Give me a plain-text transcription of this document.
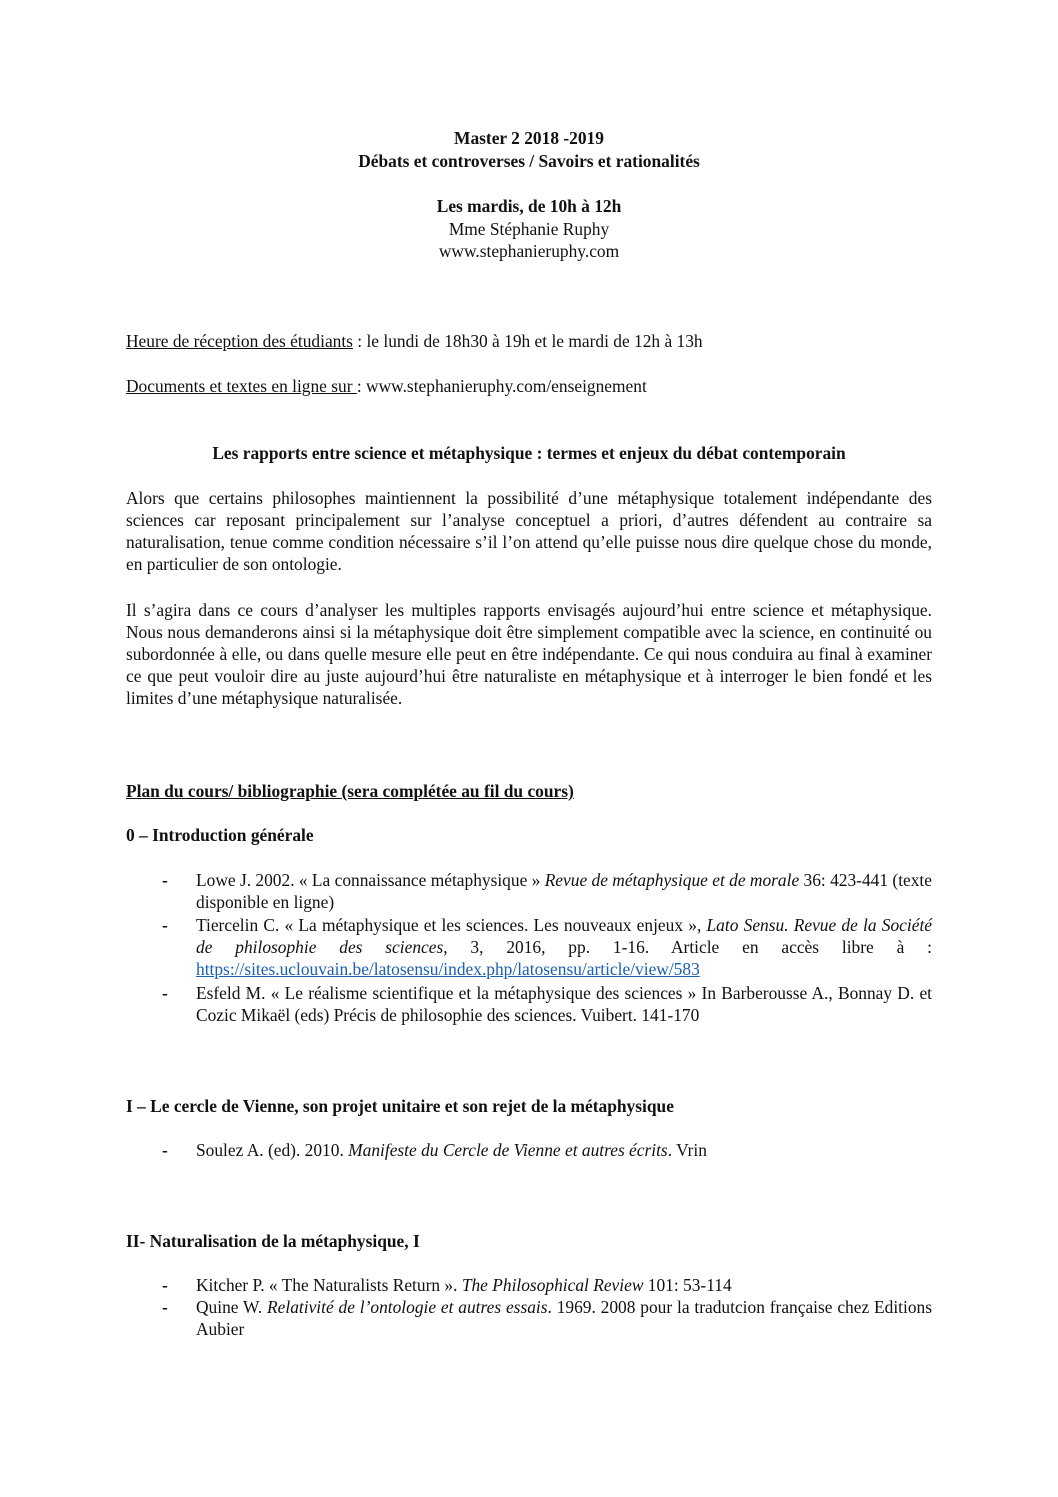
Master 2 2018 -2019
Débats et controverses / Savoirs et rationalités
Les mardis, de 10h à 12h
Mme Stéphanie Ruphy
www.stephanieruphy.com
Heure de réception des étudiants : le lundi de 18h30 à 19h et le mardi de 12h à 13h
Documents et textes en ligne sur : www.stephanieruphy.com/enseignement
Les rapports entre science et métaphysique : termes et enjeux du débat contemporain
Alors que certains philosophes maintiennent la possibilité d’une métaphysique totalement indépendante des sciences car reposant principalement sur l’analyse conceptuel a priori, d’autres défendent au contraire sa naturalisation, tenue comme condition nécessaire s’il l’on attend qu’elle puisse nous dire quelque chose du monde, en particulier de son ontologie.
Il s’agira dans ce cours d’analyser les multiples rapports envisagés aujourd’hui entre science et métaphysique. Nous nous demanderons ainsi si la métaphysique doit être simplement compatible avec la science, en continuité ou subordonnée à elle, ou dans quelle mesure elle peut en être indépendante. Ce qui nous conduira au final à examiner ce que peut vouloir dire au juste aujourd’hui être naturaliste en métaphysique et à interroger le bien fondé et les limites d’une métaphysique naturalisée.
Plan du cours/ bibliographie (sera complétée au fil du cours)
0 – Introduction générale
- Lowe J. 2002. « La connaissance métaphysique » Revue de métaphysique et de morale 36: 423-441 (texte disponible en ligne)
- Tiercelin C. « La métaphysique et les sciences. Les nouveaux enjeux », Lato Sensu. Revue de la Société de philosophie des sciences, 3, 2016, pp. 1-16. Article en accès libre à : https://sites.uclouvain.be/latosensu/index.php/latosensu/article/view/583
- Esfeld M. « Le réalisme scientifique et la métaphysique des sciences » In Barberousse A., Bonnay D. et Cozic Mikaël (eds) Précis de philosophie des sciences. Vuibert. 141-170
I – Le cercle de Vienne, son projet unitaire et son rejet de la métaphysique
- Soulez A. (ed). 2010. Manifeste du Cercle de Vienne et autres écrits. Vrin
II- Naturalisation de la métaphysique, I
- Kitcher P. « The Naturalists Return ». The Philosophical Review 101: 53-114
- Quine W. Relativité de l’ontologie et autres essais. 1969. 2008 pour la tradutcion française chez Editions Aubier
